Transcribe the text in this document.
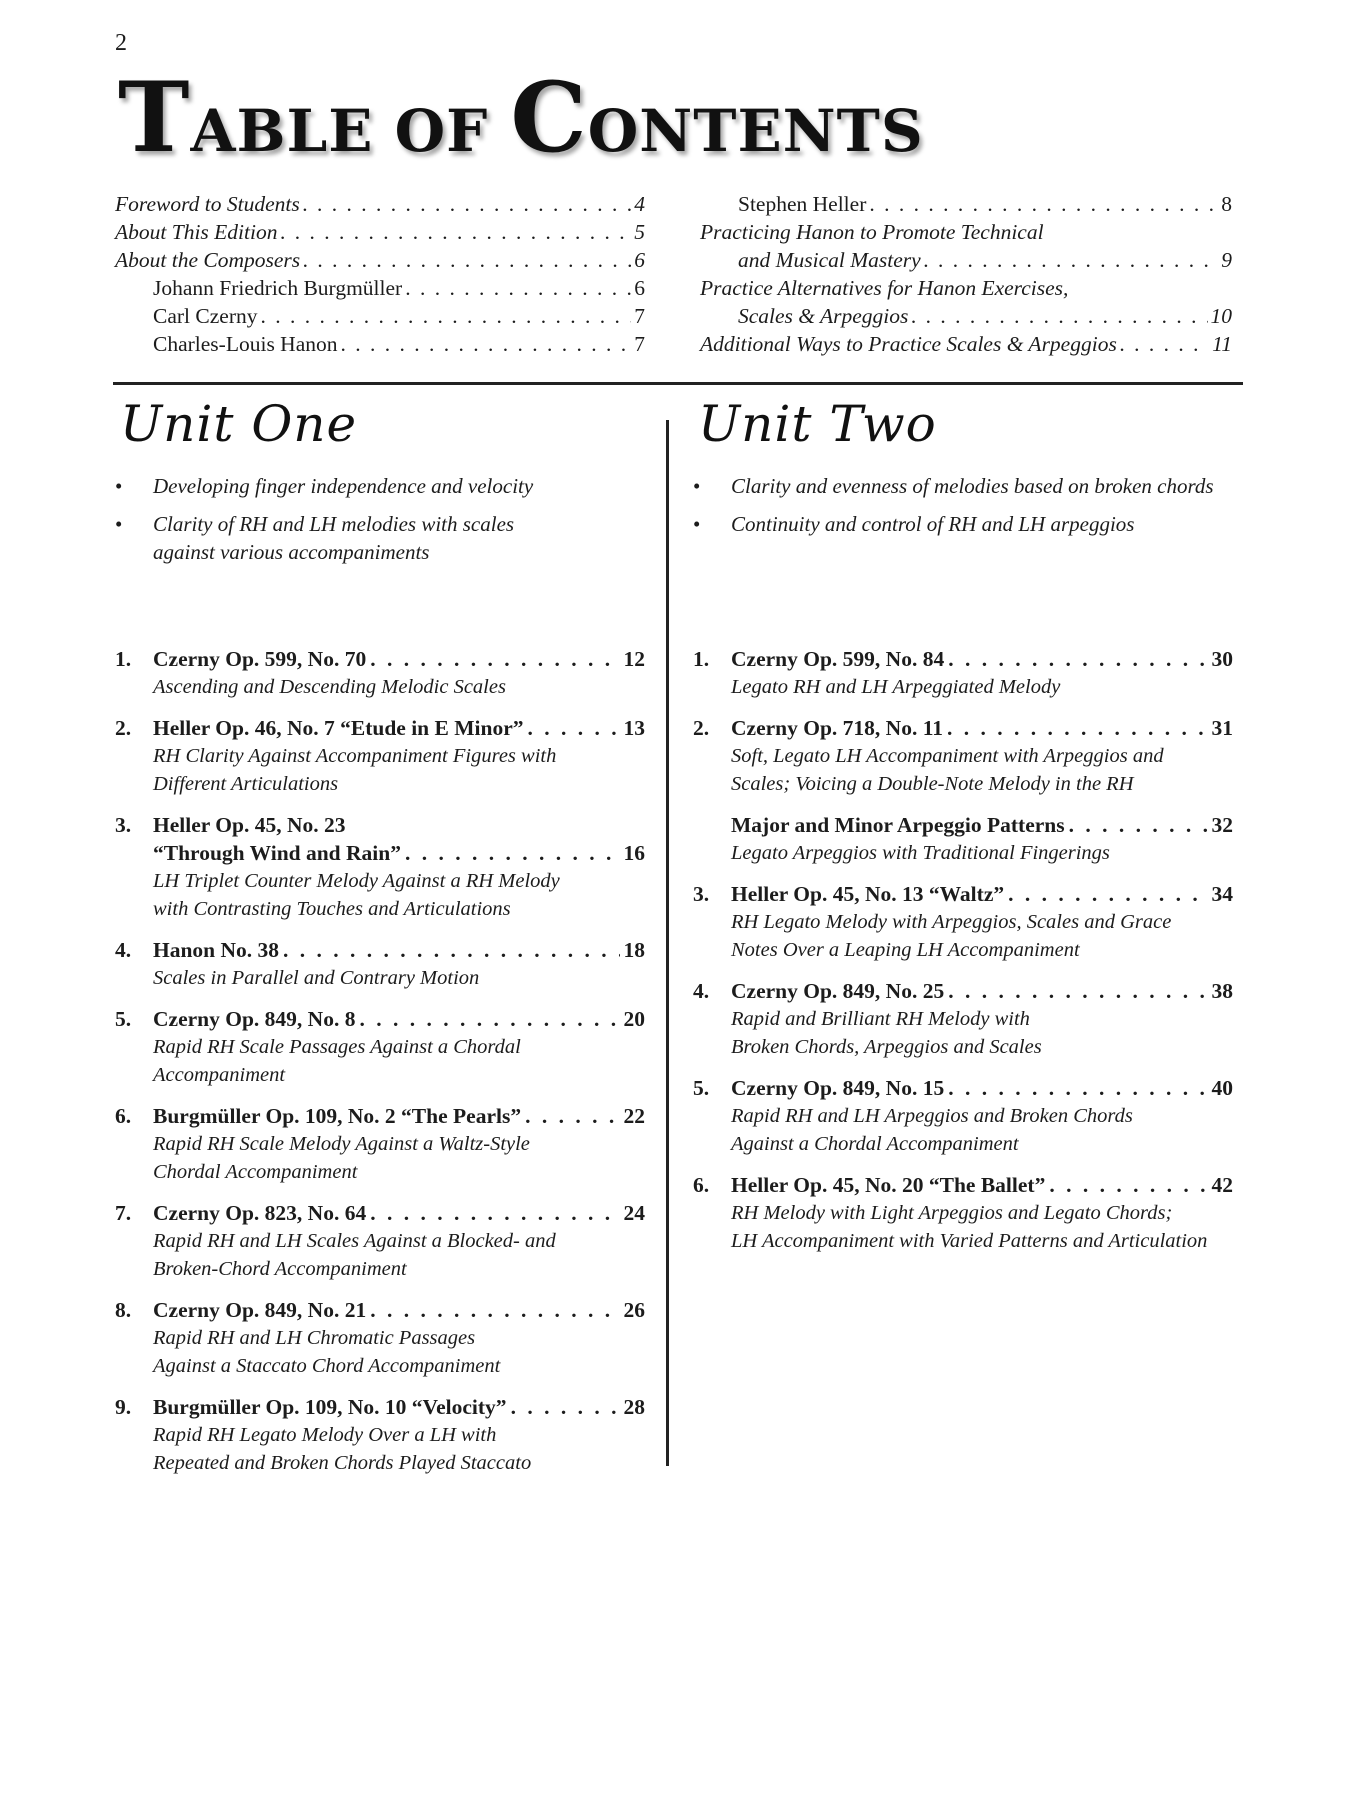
2
TABLE OF CONTENTS
Foreword to Students . . .	4
About This Edition . . .	5
About the Composers . . .	6
Johann Friedrich Burgmüller . . .	6
Carl Czerny . . .	7
Charles-Louis Hanon . . .	7
Stephen Heller . . .	8
Practicing Hanon to Promote Technical
and Musical Mastery . . .	9
Practice Alternatives for Hanon Exercises,
Scales & Arpeggios . . .	10
Additional Ways to Practice Scales & Arpeggios . . .	11
Unit One	Unit Two
•	Developing finger independence and velocity
•	Clarity of RH and LH melodies with scales
against various accompaniments
•	Clarity and evenness of melodies based on broken chords
•	Continuity and control of RH and LH arpeggios
1.	Czerny Op. 599, No. 70 . . .	12
Ascending and Descending Melodic Scales
2.	Heller Op. 46, No. 7 “Etude in E Minor” . . .	13
RH Clarity Against Accompaniment Figures with
Different Articulations
3.	Heller Op. 45, No. 23
“Through Wind and Rain” . . .	16
LH Triplet Counter Melody Against a RH Melody
with Contrasting Touches and Articulations
4.	Hanon No. 38 . . .	18
Scales in Parallel and Contrary Motion
5.	Czerny Op. 849, No. 8 . . .	20
Rapid RH Scale Passages Against a Chordal
Accompaniment
6.	Burgmüller Op. 109, No. 2 “The Pearls” . . .	22
Rapid RH Scale Melody Against a Waltz-Style
Chordal Accompaniment
7.	Czerny Op. 823, No. 64 . . .	24
Rapid RH and LH Scales Against a Blocked- and
Broken-Chord Accompaniment
8.	Czerny Op. 849, No. 21 . . .	26
Rapid RH and LH Chromatic Passages
Against a Staccato Chord Accompaniment
9.	Burgmüller Op. 109, No. 10 “Velocity” . . .	28
Rapid RH Legato Melody Over a LH with
Repeated and Broken Chords Played Staccato
1.	Czerny Op. 599, No. 84 . . .	30
Legato RH and LH Arpeggiated Melody
2.	Czerny Op. 718, No. 11 . . .	31
Soft, Legato LH Accompaniment with Arpeggios and
Scales; Voicing a Double-Note Melody in the RH
Major and Minor Arpeggio Patterns . . .	32
Legato Arpeggios with Traditional Fingerings
3.	Heller Op. 45, No. 13 “Waltz” . . .	34
RH Legato Melody with Arpeggios, Scales and Grace
Notes Over a Leaping LH Accompaniment
4.	Czerny Op. 849, No. 25 . . .	38
Rapid and Brilliant RH Melody with
Broken Chords, Arpeggios and Scales
5.	Czerny Op. 849, No. 15 . . .	40
Rapid RH and LH Arpeggios and Broken Chords
Against a Chordal Accompaniment
6.	Heller Op. 45, No. 20 “The Ballet” . . .	42
RH Melody with Light Arpeggios and Legato Chords;
LH Accompaniment with Varied Patterns and Articulation
